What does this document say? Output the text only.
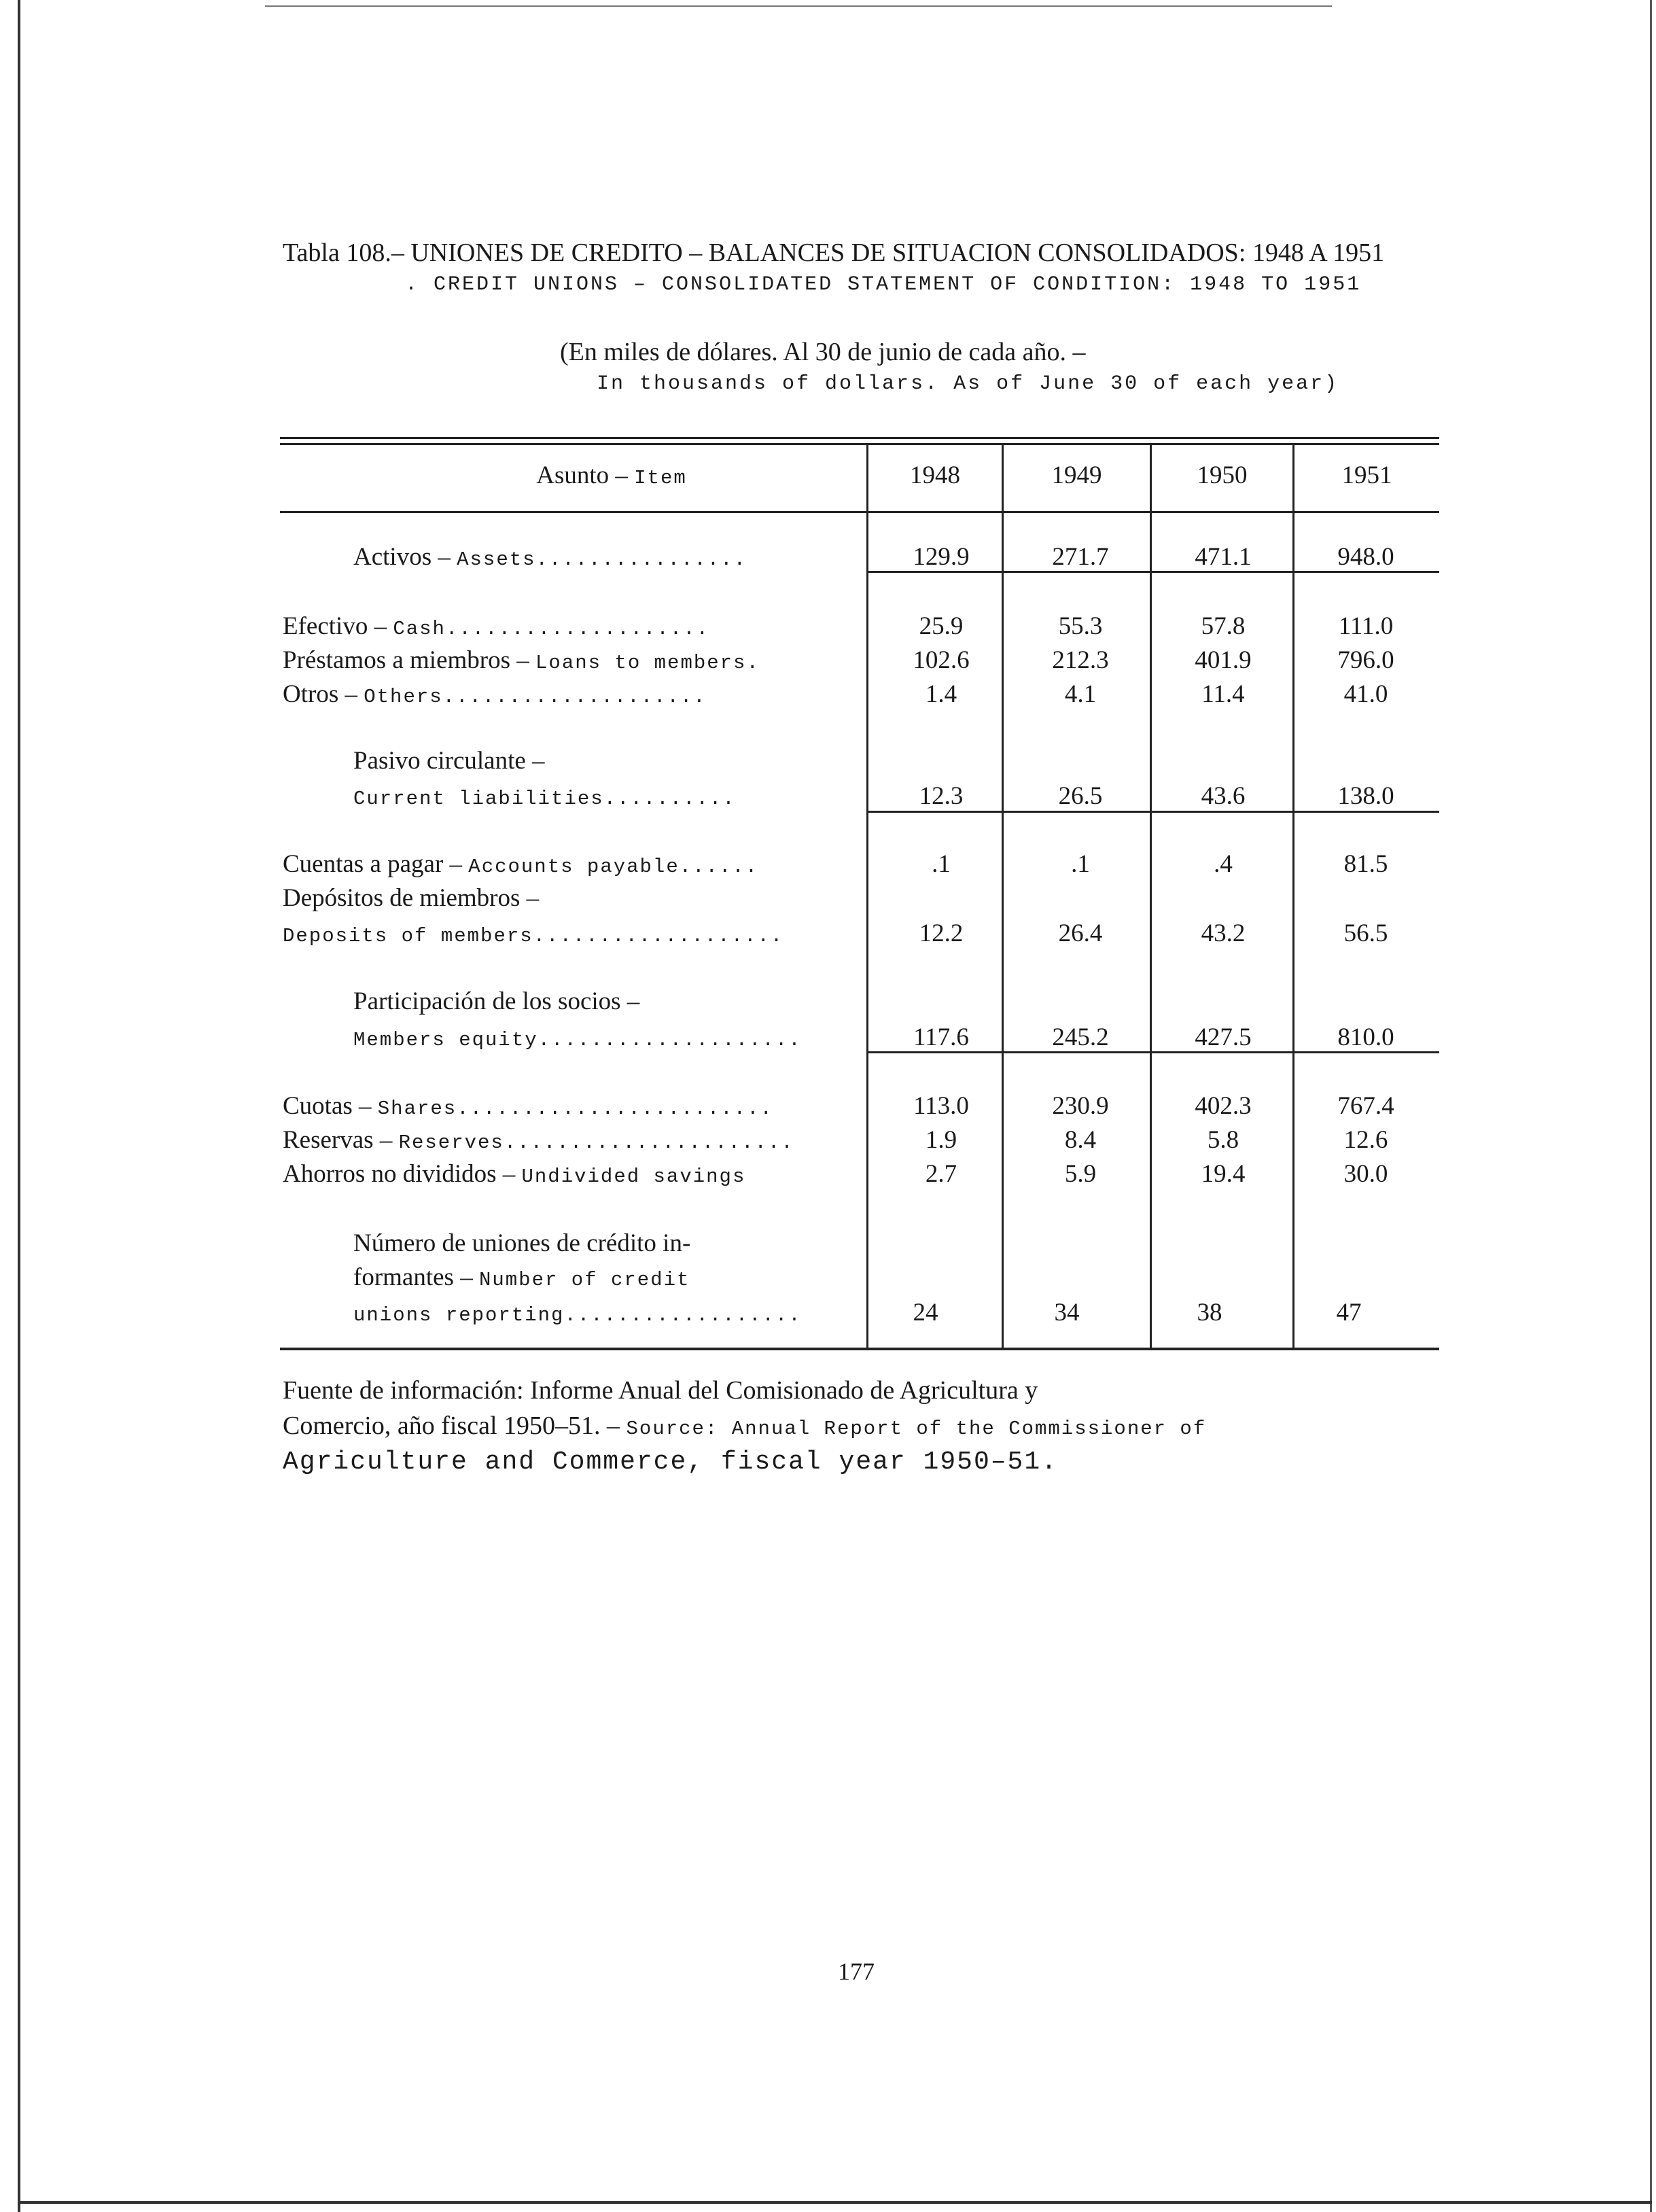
Tabla 108.– UNIONES DE CREDITO – BALANCES DE SITUACION CONSOLIDADOS: 1948 A 1951
. CREDIT UNIONS – CONSOLIDATED STATEMENT OF CONDITION: 1948 TO 1951
(En miles de dólares. Al 30 de junio de cada año. –
In thousands of dollars. As of June 30 of each year)
Asunto – Item	1948	1949	1950	1951
Activos – Assets................	129.9	271.7	471.1	948.0
Efectivo – Cash....................	25.9	55.3	57.8	111.0
Préstamos a miembros – Loans to members.	102.6	212.3	401.9	796.0
Otros – Others....................	1.4	4.1	11.4	41.0
Pasivo circulante –
Current liabilities..........	12.3	26.5	43.6	138.0
Cuentas a pagar – Accounts payable......	.1	.1	.4	81.5
Depósitos de miembros –
Deposits of members...................	12.2	26.4	43.2	56.5
Participación de los socios –
Members equity....................	117.6	245.2	427.5	810.0
Cuotas – Shares........................	113.0	230.9	402.3	767.4
Reservas – Reserves......................	1.9	8.4	5.8	12.6
Ahorros no divididos – Undivided savings	2.7	5.9	19.4	30.0
Número de uniones de crédito in-
formantes – Number of credit
unions reporting..................	24	34	38	47
Fuente de información: Informe Anual del Comisionado de Agricultura y
Comercio, año fiscal 1950–51. – Source: Annual Report of the Commissioner of
Agriculture and Commerce, fiscal year 1950–51.
177
